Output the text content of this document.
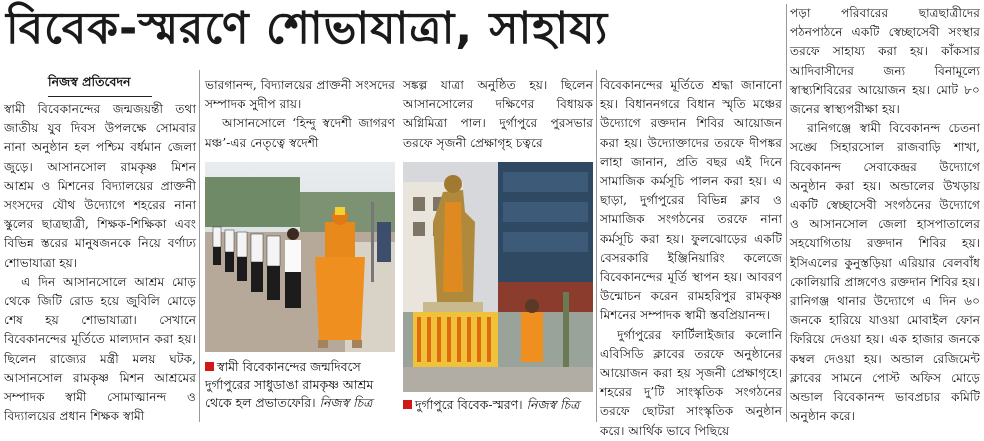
বিবেক-স্মরণে শোভাযাত্রা, সাহায্য
নিজস্ব প্রতিবেদন

স্বামী বিবেকানন্দের জন্মজয়ন্তী তথা জাতীয় যুব দিবস উপলক্ষে সোমবার নানা অনুষ্ঠান হল পশ্চিম বর্ধমান জেলা জুড়ে। আসানসোল রামকৃষ্ণ মিশন আশ্রম ও মিশনের বিদ্যালয়ের প্রাক্তনী সংসদের যৌথ উদ্যোগে শহরের নানা স্কুলের ছাত্রছাত্রী, শিক্ষক-শিক্ষিকা এবং বিভিন্ন স্তরের মানুষজনকে নিয়ে বর্ণাঢ্য শোভাযাত্রা হয়।

এ দিন আসানসোলে আশ্রম মোড় থেকে জিটি রোড হয়ে জুবিলি মোড়ে শেষ হয় শোভাযাত্রা। সেখানে বিবেকানন্দের মূর্তিতে মাল্যদান করা হয়। ছিলেন রাজ্যের মন্ত্রী মলয় ঘটক, আসানসোল রামকৃষ্ণ মিশন আশ্রমের সম্পাদক স্বামী সোমাত্মানন্দ ও বিদ্যালয়ের প্রধান শিক্ষক স্বামী

ভারগানন্দ, বিদ্যালয়ের প্রাক্তনী সংসদের সম্পাদক সুদীপ রায়।

আসানসোলে ‘হিন্দু স্বদেশী জাগরণ মঞ্চ’-এর নেতৃত্বে স্বদেশী

সঙ্কল্প যাত্রা অনুষ্ঠিত হয়। ছিলেন আসানসোলের দক্ষিণের বিধায়ক অগ্নিমিত্রা পাল। দুর্গাপুরে পুরসভার তরফে সৃজনী প্রেক্ষাগৃহ চত্বরে

স্বামী বিবেকানন্দের জন্মদিবসে দুর্গাপুরের সাধুডাঙা রামকৃষ্ণ আশ্রম থেকে হল প্রভাতফেরি। নিজস্ব চিত্র	দুর্গাপুরে বিবেক-স্মরণ। নিজস্ব চিত্র

বিবেকানন্দের মূর্তিতে শ্রদ্ধা জানানো হয়। বিধাননগরে বিধান স্মৃতি মঞ্চের উদ্যোগে রক্তদান শিবির আয়োজন করা হয়। উদ্যোক্তাদের তরফে দীপঙ্কর লাহা জানান, প্রতি বছর এই দিনে সামাজিক কর্মসূচি পালন করা হয়। এ ছাড়া, দুর্গাপুরের বিভিন্ন ক্লাব ও সামাজিক সংগঠনের তরফে নানা কর্মসূচি করা হয়। ফুলঝোড়ের একটি বেসরকারি ইঞ্জিনিয়ারিং কলেজে বিবেকানন্দের মূর্তি স্থাপন হয়। আবরণ উন্মোচন করেন রামহরিপুর রামকৃষ্ণ মিশনের সম্পাদক স্বামী স্তবপ্রিয়ানন্দ।

দুর্গাপুরের ফার্টিলাইজার কলোনি এবিসিডি ক্লাবের তরফে অনুষ্ঠানের আয়োজন করা হয় সৃজনী প্রেক্ষাগৃহে। শহরের দু’টি সাংস্কৃতিক সংগঠনের তরফে ছোটরা সাংস্কৃতিক অনুষ্ঠান করে। আর্থিক ভাবে পিছিয়ে

পড়া পরিবারের ছাত্রছাত্রীদের পঠনপাঠনে একটি স্বেচ্ছাসেবী সংস্থার তরফে সাহায্য করা হয়। কাঁকসার আদিবাসীদের জন্য বিনামূল্যে স্বাস্থ্যশিবিরের আয়োজন হয়। মোট ৮০ জনের স্বাস্থ্যপরীক্ষা হয়।

রানিগঞ্জে স্বামী বিবেকানন্দ চেতনা সঙ্ঘে সিহারসোল রাজবাড়ি শাখা, বিবেকানন্দ সেবাকেন্দ্রর উদ্যোগে অনুষ্ঠান করা হয়। অন্ডালের উখড়ায় একটি স্বেচ্ছাসেবী সংগঠনের উদ্যোগে ও আসানসোল জেলা হাসপাতালের সহযোগিতায় রক্তদান শিবির হয়। ইসিএলের কুনুস্তড়িয়া এরিয়ার বেলবাঁধ কোলিয়ারি প্রাঙ্গণেও রক্তদান শিবির হয়। রানিগঞ্জ থানার উদ্যোগে এ দিন ৬০ জনকে হারিয়ে যাওয়া মোবাইল ফোন ফিরিয়ে দেওয়া হয়। এক হাজার জনকে কম্বল দেওয়া হয়। অন্ডাল রেজিমেন্ট ক্লাবের সামনে পোস্ট অফিস মোড়ে অন্ডাল বিবেকানন্দ ভাবপ্রচার কমিটি অনুষ্ঠান করে।
